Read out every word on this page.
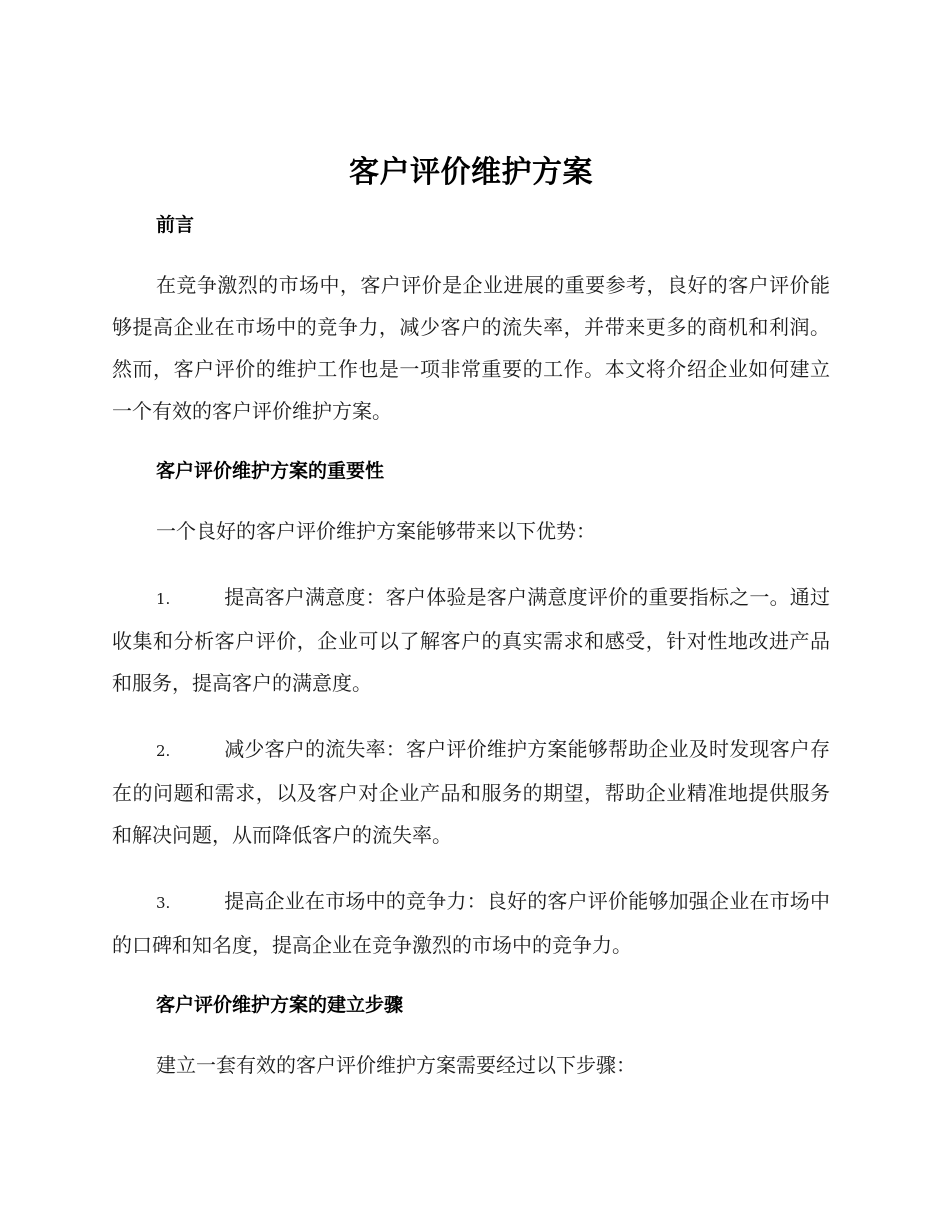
客户评价维护方案
前言

在竞争激烈的市场中，客户评价是企业进展的重要参考，良好的客户评价能够提高企业在市场中的竞争力，减少客户的流失率，并带来更多的商机和利润。然而，客户评价的维护工作也是一项非常重要的工作。本文将介绍企业如何建立一个有效的客户评价维护方案。

客户评价维护方案的重要性

一个良好的客户评价维护方案能够带来以下优势：

1.	提高客户满意度：客户体验是客户满意度评价的重要指标之一。通过收集和分析客户评价，企业可以了解客户的真实需求和感受，针对性地改进产品和服务，提高客户的满意度。
2.	减少客户的流失率：客户评价维护方案能够帮助企业及时发现客户存在的问题和需求，以及客户对企业产品和服务的期望，帮助企业精准地提供服务和解决问题，从而降低客户的流失率。
3.	提高企业在市场中的竞争力：良好的客户评价能够加强企业在市场中的口碑和知名度，提高企业在竞争激烈的市场中的竞争力。
客户评价维护方案的建立步骤

建立一套有效的客户评价维护方案需要经过以下步骤：
